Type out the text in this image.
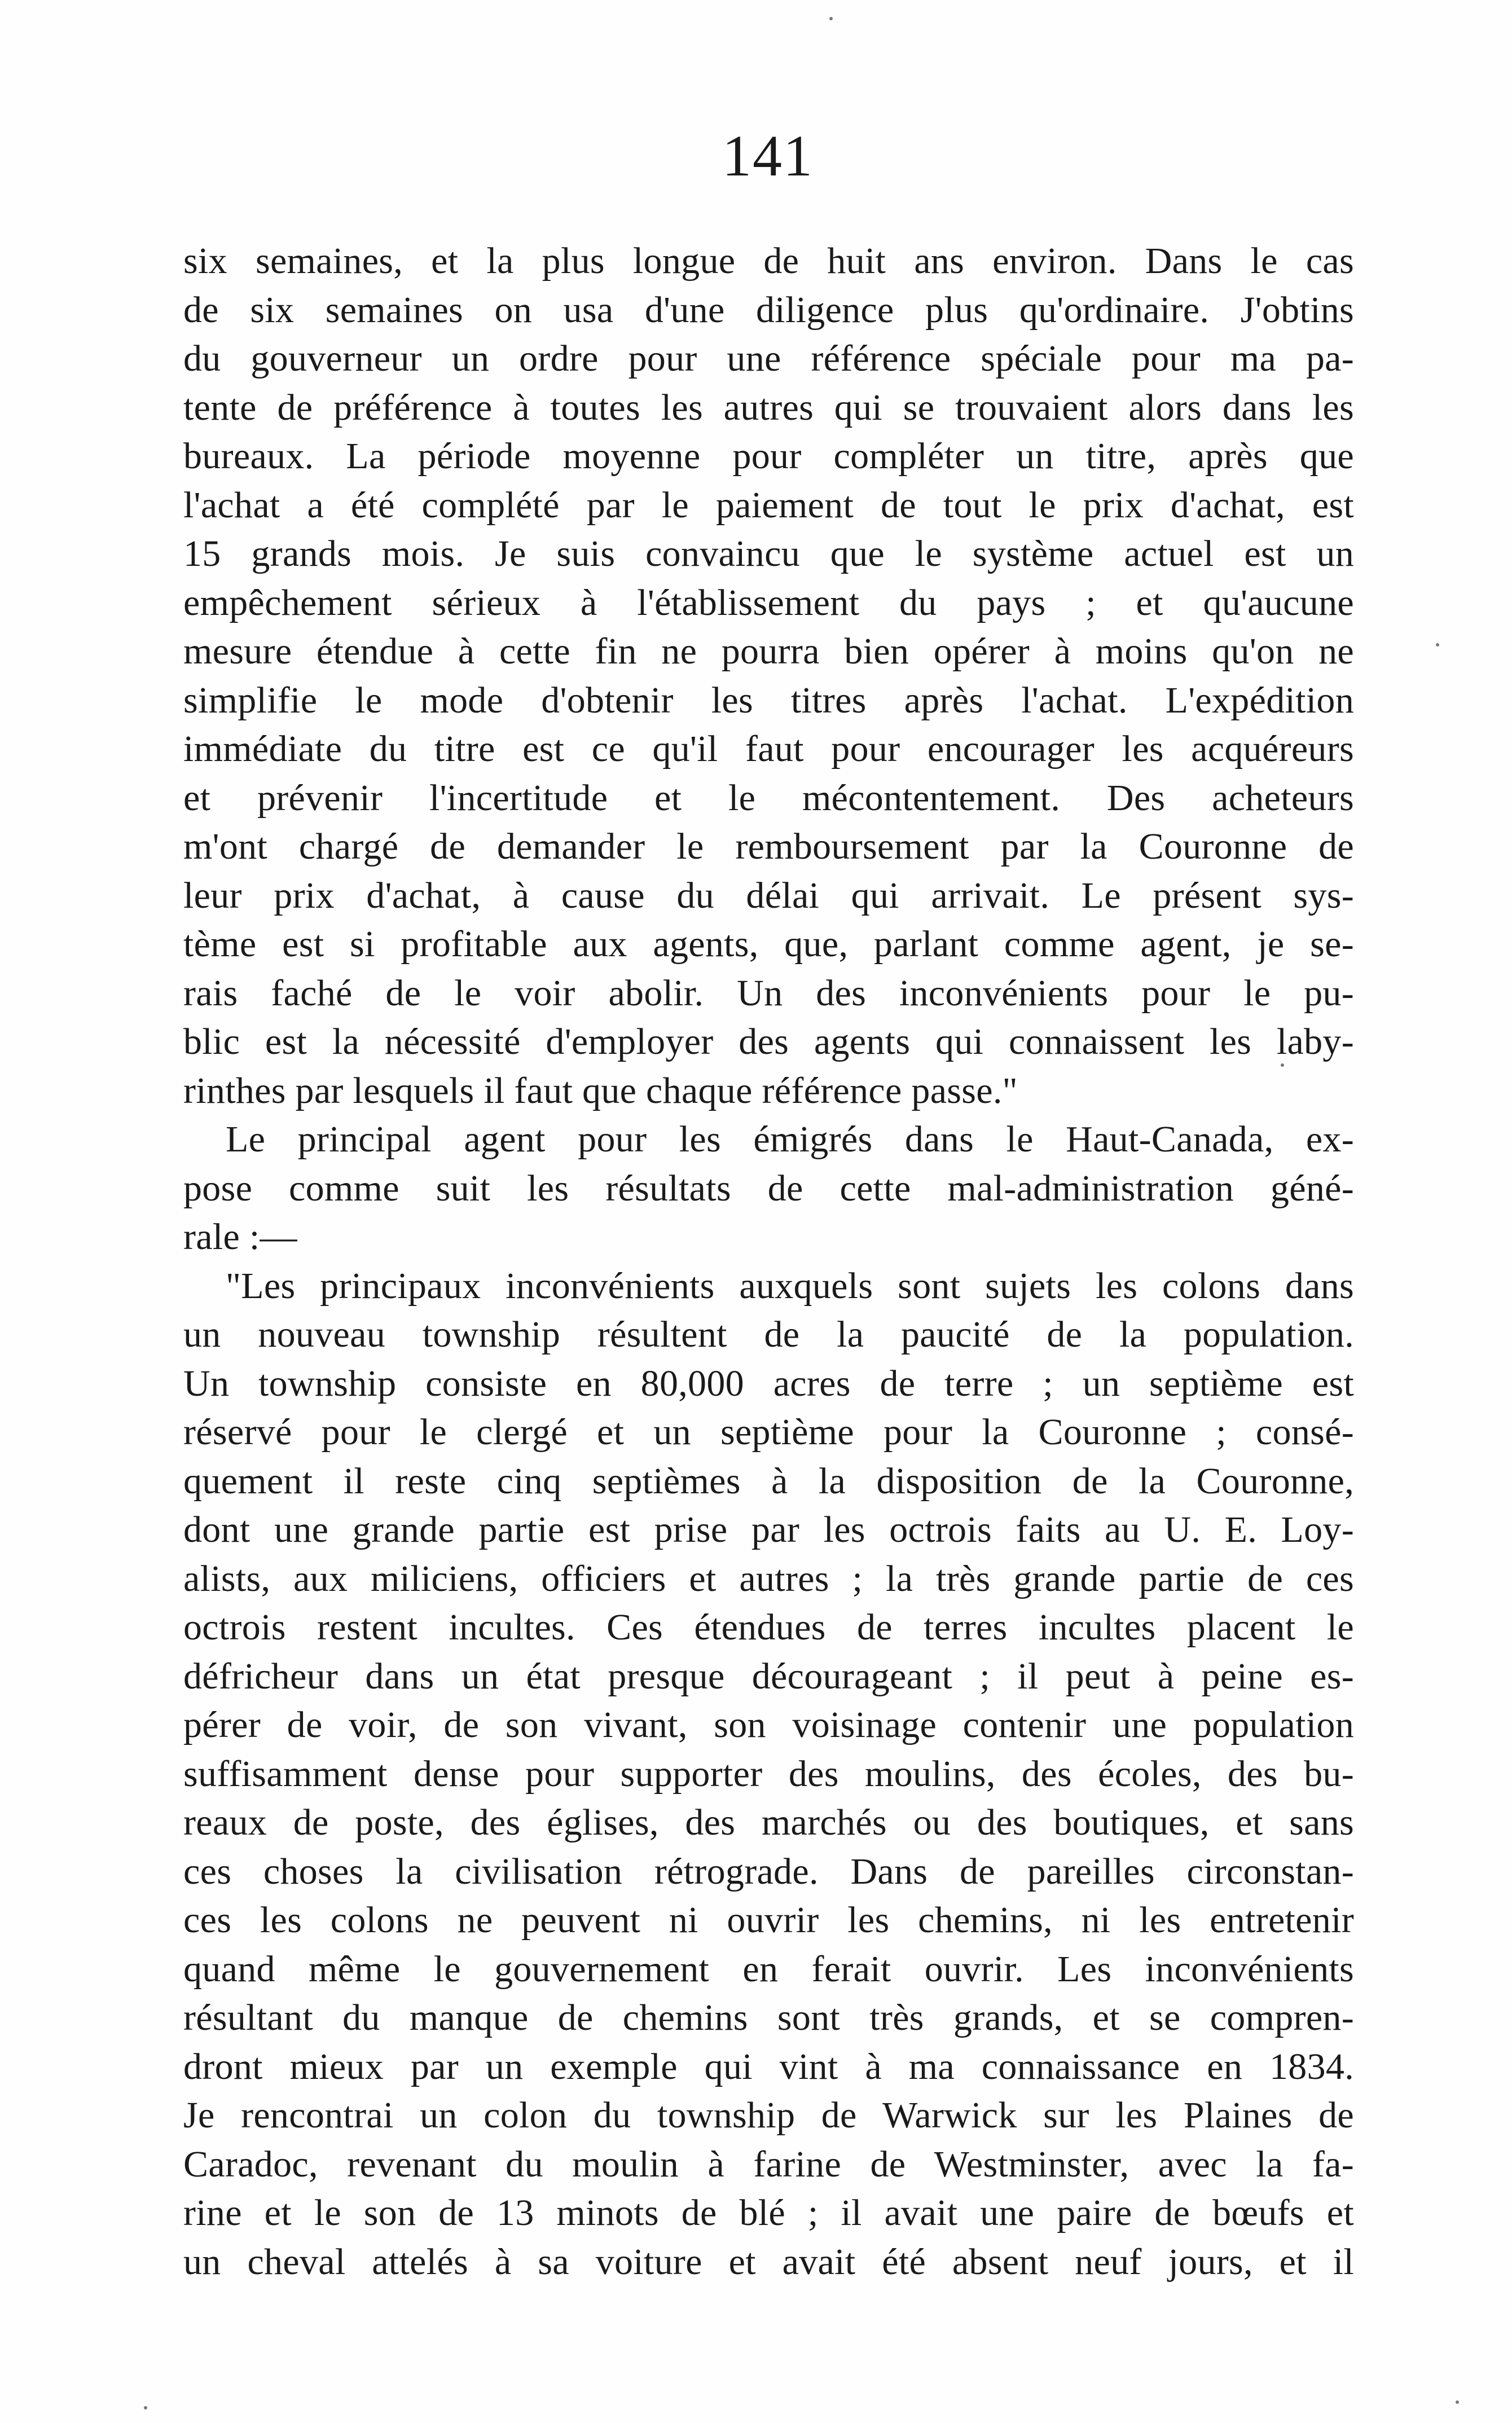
141
six semaines, et la plus longue de huit ans environ. Dans le cas
de six semaines on usa d'une diligence plus qu'ordinaire. J'obtins
du gouverneur un ordre pour une référence spéciale pour ma pa-
tente de préférence à toutes les autres qui se trouvaient alors dans les
bureaux. La période moyenne pour compléter un titre, après que
l'achat a été complété par le paiement de tout le prix d'achat, est
15 grands mois. Je suis convaincu que le système actuel est un
empêchement sérieux à l'établissement du pays ; et qu'aucune
mesure étendue à cette fin ne pourra bien opérer à moins qu'on ne
simplifie le mode d'obtenir les titres après l'achat. L'expédition
immédiate du titre est ce qu'il faut pour encourager les acquéreurs
et prévenir l'incertitude et le mécontentement. Des acheteurs
m'ont chargé de demander le remboursement par la Couronne de
leur prix d'achat, à cause du délai qui arrivait. Le présent sys-
tème est si profitable aux agents, que, parlant comme agent, je se-
rais faché de le voir abolir. Un des inconvénients pour le pu-
blic est la nécessité d'employer des agents qui connaissent les laby-
rinthes par lesquels il faut que chaque référence passe."
Le principal agent pour les émigrés dans le Haut-Canada, ex-
pose comme suit les résultats de cette mal-administration géné-
rale :—
"Les principaux inconvénients auxquels sont sujets les colons dans
un nouveau township résultent de la paucité de la population.
Un township consiste en 80,000 acres de terre ; un septième est
réservé pour le clergé et un septième pour la Couronne ; consé-
quement il reste cinq septièmes à la disposition de la Couronne,
dont une grande partie est prise par les octrois faits au U. E. Loy-
alists, aux miliciens, officiers et autres ; la très grande partie de ces
octrois restent incultes. Ces étendues de terres incultes placent le
défricheur dans un état presque décourageant ; il peut à peine es-
pérer de voir, de son vivant, son voisinage contenir une population
suffisamment dense pour supporter des moulins, des écoles, des bu-
reaux de poste, des églises, des marchés ou des boutiques, et sans
ces choses la civilisation rétrograde. Dans de pareilles circonstan-
ces les colons ne peuvent ni ouvrir les chemins, ni les entretenir
quand même le gouvernement en ferait ouvrir. Les inconvénients
résultant du manque de chemins sont très grands, et se compren-
dront mieux par un exemple qui vint à ma connaissance en 1834.
Je rencontrai un colon du township de Warwick sur les Plaines de
Caradoc, revenant du moulin à farine de Westminster, avec la fa-
rine et le son de 13 minots de blé ; il avait une paire de bœufs et
un cheval attelés à sa voiture et avait été absent neuf jours, et il
